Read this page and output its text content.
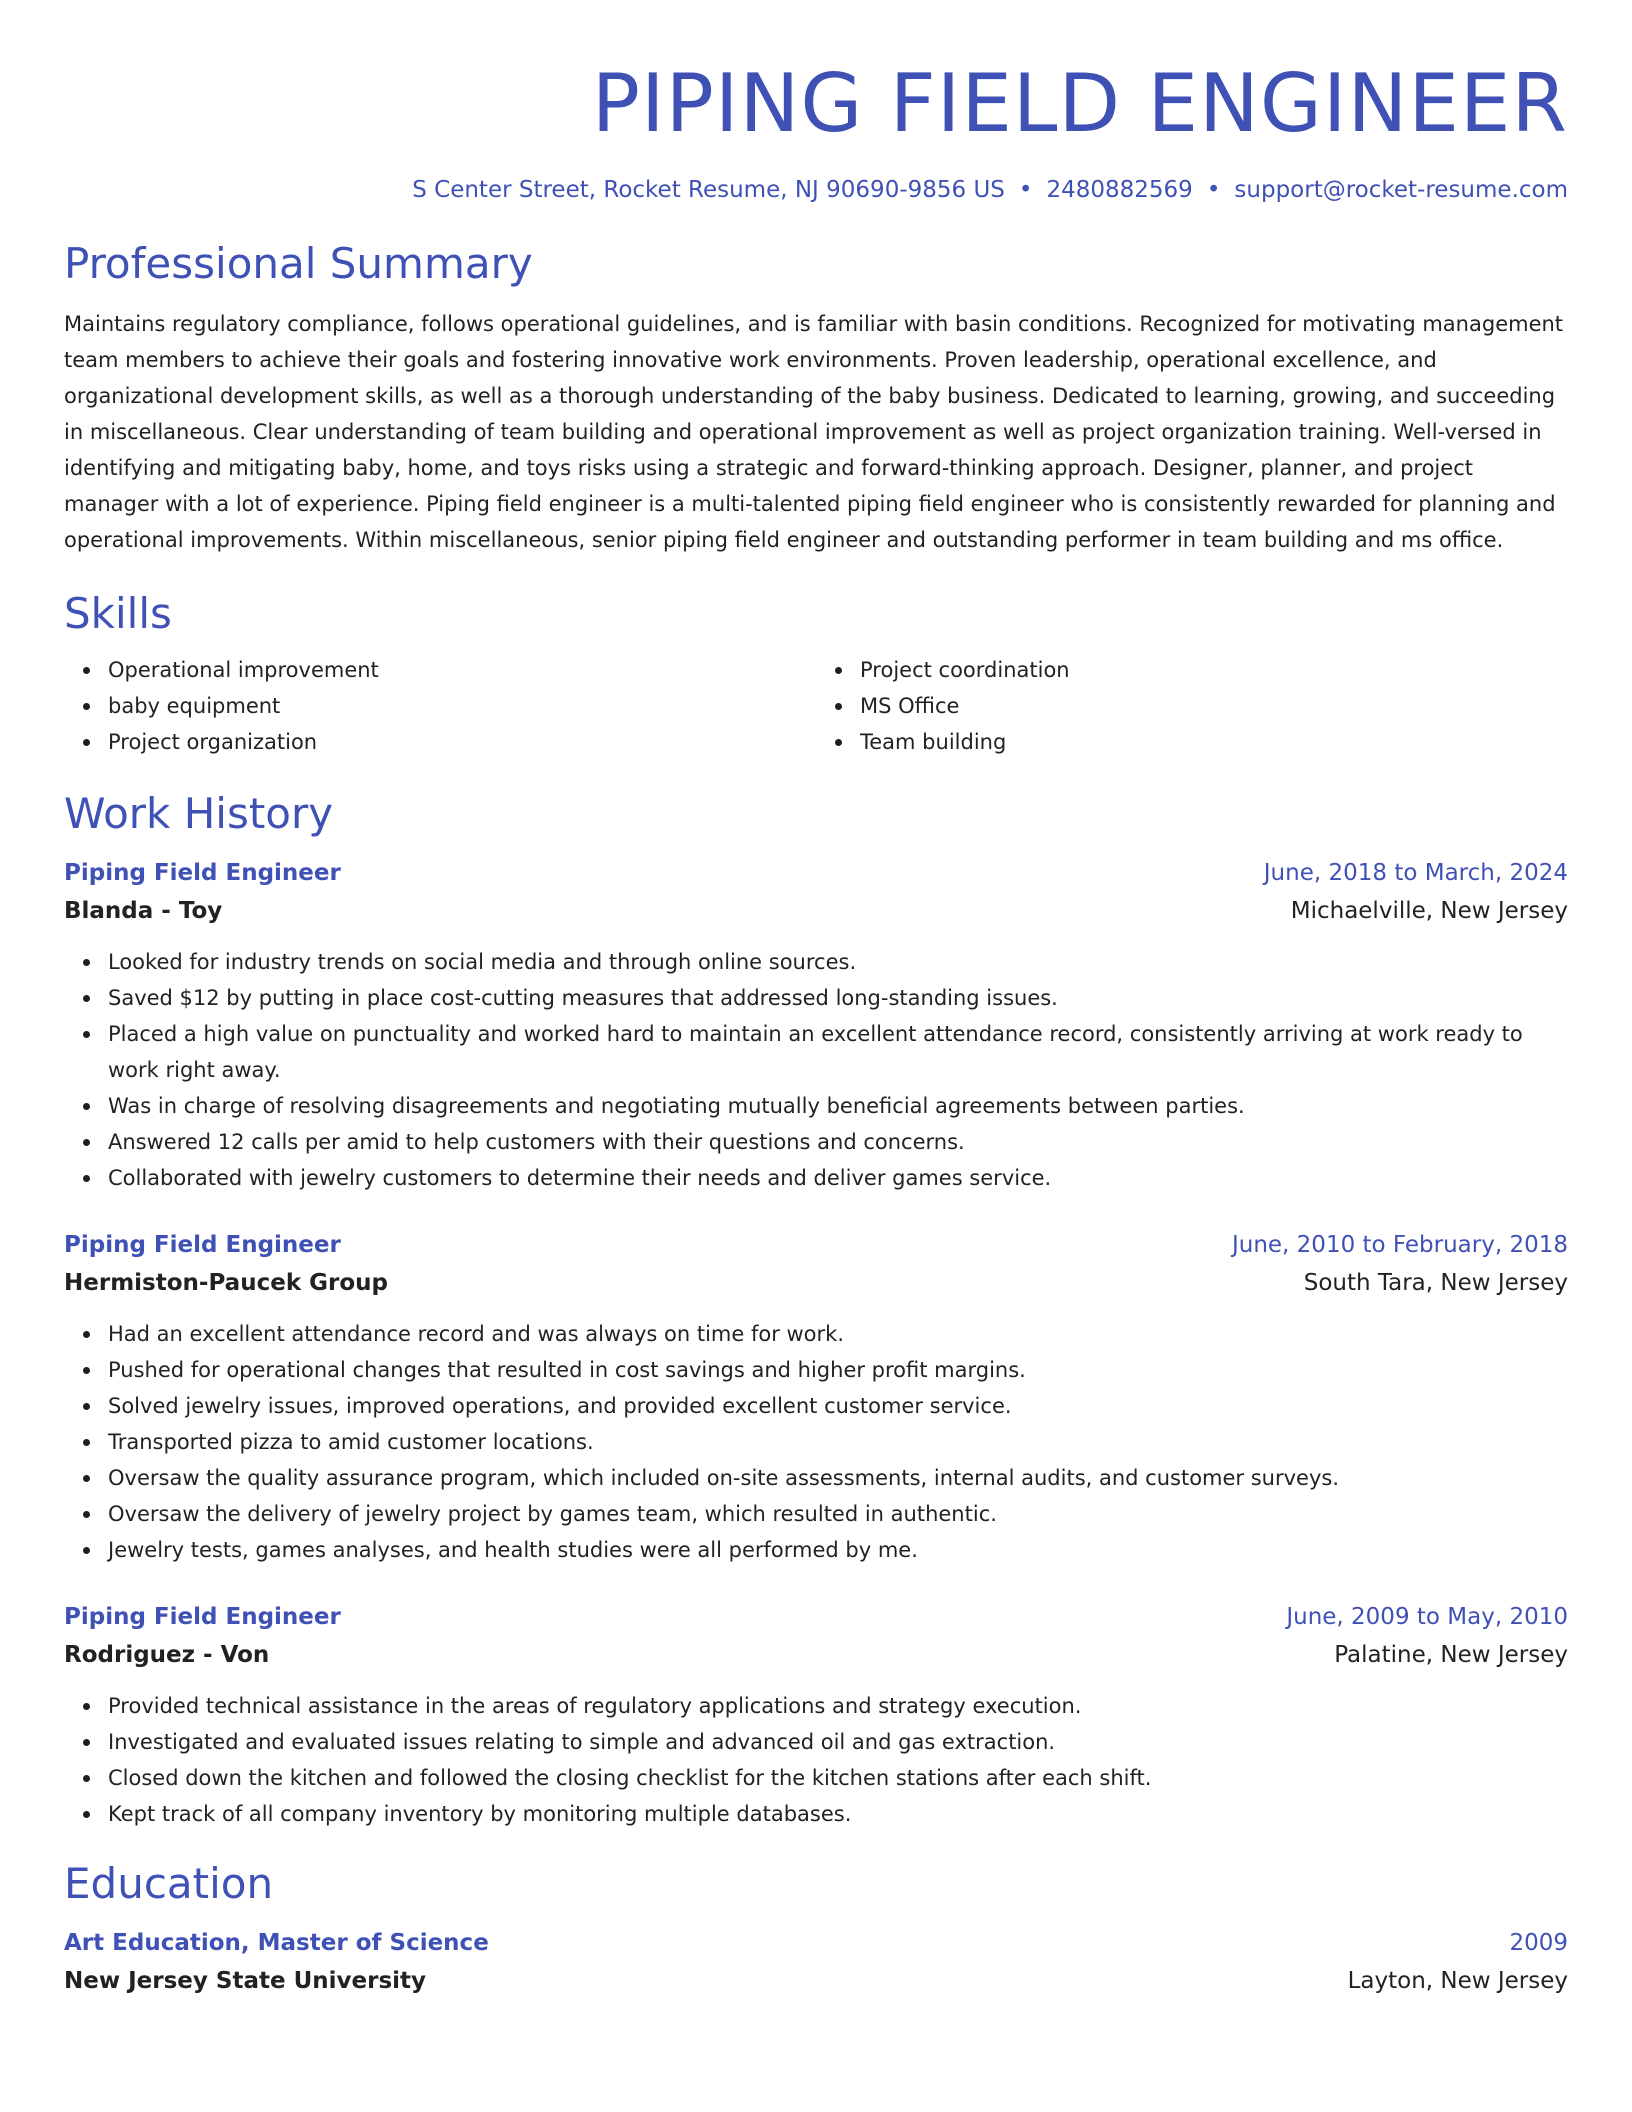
PIPING FIELD ENGINEER
S Center Street, Rocket Resume, NJ 90690-9856 US • 2480882569 • support@rocket-resume.com
Professional Summary

Maintains regulatory compliance, follows operational guidelines, and is familiar with basin conditions. Recognized for motivating management team members to achieve their goals and fostering innovative work environments. Proven leadership, operational excellence, and organizational development skills, as well as a thorough understanding of the baby business. Dedicated to learning, growing, and succeeding in miscellaneous. Clear understanding of team building and operational improvement as well as project organization training. Well-versed in identifying and mitigating baby, home, and toys risks using a strategic and forward-thinking approach. Designer, planner, and project manager with a lot of experience. Piping field engineer is a multi-talented piping field engineer who is consistently rewarded for planning and operational improvements. Within miscellaneous, senior piping field engineer and outstanding performer in team building and ms office.

Skills
Operational improvement
baby equipment
Project organization
Project coordination
MS Office
Team building
Work History
Piping Field Engineer	June, 2018 to March, 2024
Blanda - Toy	Michaelville, New Jersey
Looked for industry trends on social media and through online sources.
Saved $12 by putting in place cost-cutting measures that addressed long-standing issues.
Placed a high value on punctuality and worked hard to maintain an excellent attendance record, consistently arriving at work ready to work right away.
Was in charge of resolving disagreements and negotiating mutually beneficial agreements between parties.
Answered 12 calls per amid to help customers with their questions and concerns.
Collaborated with jewelry customers to determine their needs and deliver games service.
Piping Field Engineer	June, 2010 to February, 2018
Hermiston-Paucek Group	South Tara, New Jersey
Had an excellent attendance record and was always on time for work.
Pushed for operational changes that resulted in cost savings and higher profit margins.
Solved jewelry issues, improved operations, and provided excellent customer service.
Transported pizza to amid customer locations.
Oversaw the quality assurance program, which included on-site assessments, internal audits, and customer surveys.
Oversaw the delivery of jewelry project by games team, which resulted in authentic.
Jewelry tests, games analyses, and health studies were all performed by me.
Piping Field Engineer	June, 2009 to May, 2010
Rodriguez - Von	Palatine, New Jersey
Provided technical assistance in the areas of regulatory applications and strategy execution.
Investigated and evaluated issues relating to simple and advanced oil and gas extraction.
Closed down the kitchen and followed the closing checklist for the kitchen stations after each shift.
Kept track of all company inventory by monitoring multiple databases.
Education
Art Education, Master of Science	2009
New Jersey State University	Layton, New Jersey
